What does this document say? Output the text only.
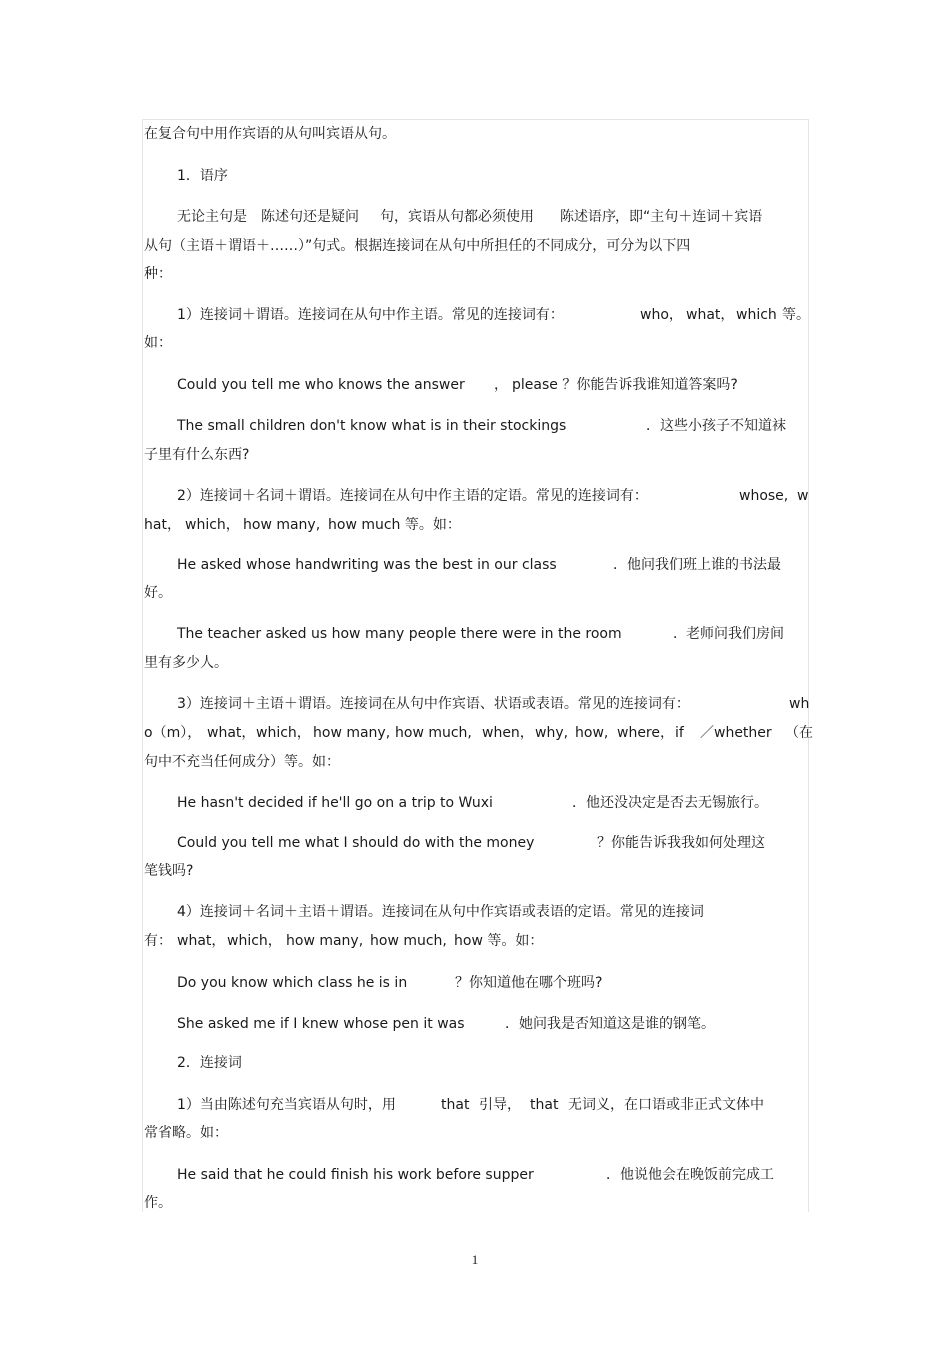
在复合句中用作宾语的从句叫宾语从句。
1．语序
无论主句是 陈述句还是疑问 句，宾语从句都必须使用 陈述语序 ，即“主句＋连词＋宾语
从句（主语＋谓语＋……）”句式。根据连接词在从句中所担任的不同成分，可分为以下四
种：
1）连接词＋谓语。连接词在从句中作主语。常见的连接词有：	who， what， which 等。
如：
Could you tell me who knows the answer ， please ？你能告诉我谁知道答案吗?
The small children don't know what is in their stockings	．这些小孩子不知道袜
子里有什么东西?
2）连接词＋名词＋谓语。连接词在从句中作主语的定语。常见的连接词有：	whose, w
hat， which， how many, how much 等。如：
He asked whose handwriting was the best in our class	．他问我们班上谁的书法最
好。
The teacher asked us how many people there were in the room	． 老师问我们房间
里有多少人。
3）连接词＋主语＋谓语。连接词在从句中作宾语、状语或表语。常见的连接词有：	wh
o（m）， what， which， how many, how much, when， why, how, where， if ／whether （在
句中不充当任何成分）等。如：
He hasn't decided if he'll go on a trip to Wuxi	． 他还没决定是否去无锡旅行。
Could you tell me what I should do with the money	？你能告诉我我如何处理这
笔钱吗?
4）连接词＋名词＋主语＋谓语。连接词在从句中作宾语或表语的定语。常见的连接词
有： what， which， how many, how much, how 等。如：
Do you know which class he is in	？你知道他在哪个班吗?
She asked me if I knew whose pen it was	． 她问我是否知道这是谁的钢笔。
2．连接词
1）当由陈述句充当宾语从句时，用	that 引导， that 无词义，在口语或非正式文体中
常省略。如：
He said that he could finish his work before supper	． 他说他会在晚饭前完成工
作。
1
